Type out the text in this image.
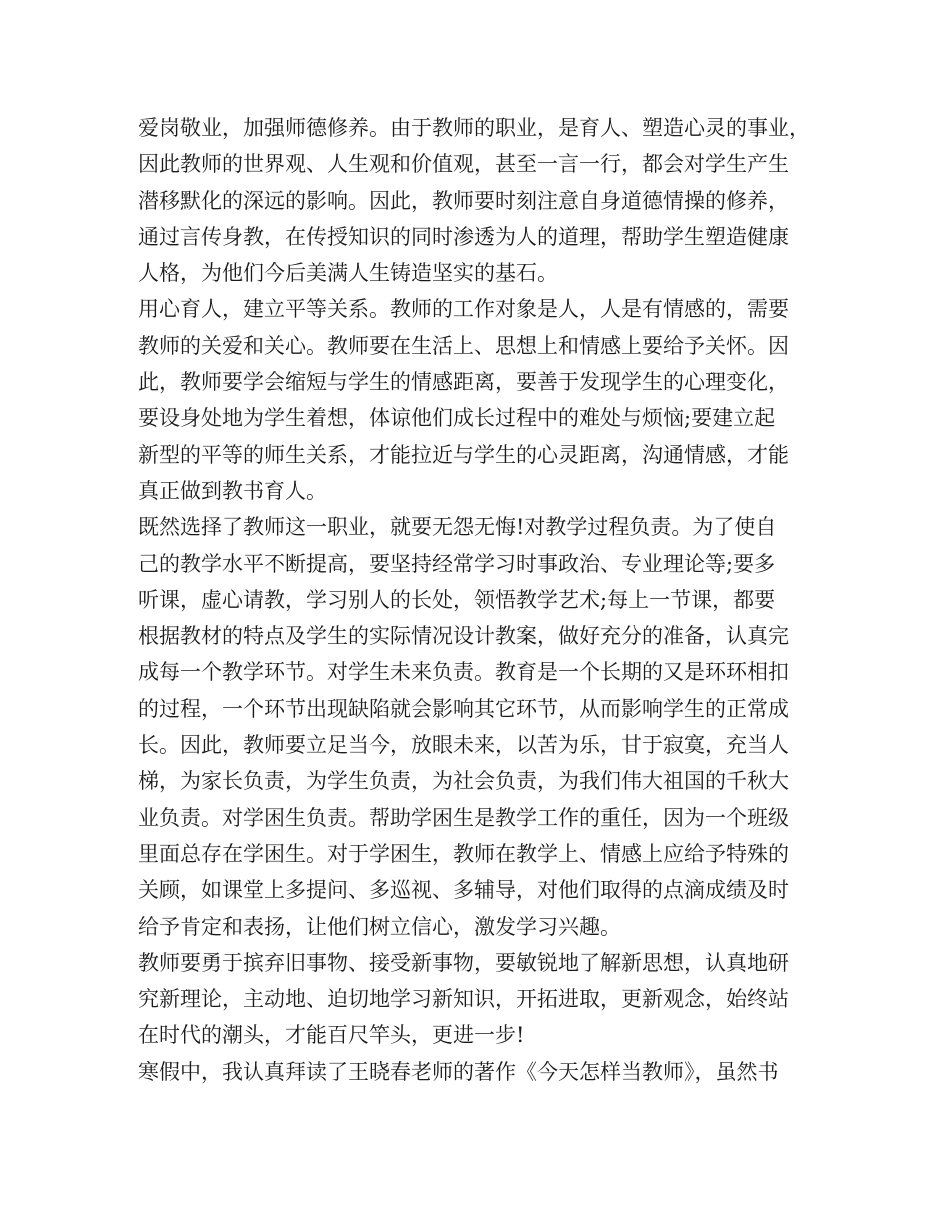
爱岗敬业，加强师德修养。由于教师的职业，是育人、塑造心灵的事业，
因此教师的世界观、人生观和价值观，甚至一言一行，都会对学生产生
潜移默化的深远的影响。因此，教师要时刻注意自身道德情操的修养，
通过言传身教，在传授知识的同时渗透为人的道理，帮助学生塑造健康
人格，为他们今后美满人生铸造坚实的基石。
用心育人，建立平等关系。教师的工作对象是人，人是有情感的，需要
教师的关爱和关心。教师要在生活上、思想上和情感上要给予关怀。因
此，教师要学会缩短与学生的情感距离，要善于发现学生的心理变化，
要设身处地为学生着想，体谅他们成长过程中的难处与烦恼;要建立起
新型的平等的师生关系，才能拉近与学生的心灵距离，沟通情感，才能
真正做到教书育人。
既然选择了教师这一职业，就要无怨无悔!对教学过程负责。为了使自
己的教学水平不断提高，要坚持经常学习时事政治、专业理论等;要多
听课，虚心请教，学习别人的长处，领悟教学艺术;每上一节课，都要
根据教材的特点及学生的实际情况设计教案，做好充分的准备，认真完
成每一个教学环节。对学生未来负责。教育是一个长期的又是环环相扣
的过程，一个环节出现缺陷就会影响其它环节，从而影响学生的正常成
长。因此，教师要立足当今，放眼未来，以苦为乐，甘于寂寞，充当人
梯，为家长负责，为学生负责，为社会负责，为我们伟大祖国的千秋大
业负责。对学困生负责。帮助学困生是教学工作的重任，因为一个班级
里面总存在学困生。对于学困生，教师在教学上、情感上应给予特殊的
关顾，如课堂上多提问、多巡视、多辅导，对他们取得的点滴成绩及时
给予肯定和表扬，让他们树立信心，激发学习兴趣。
教师要勇于摈弃旧事物、接受新事物，要敏锐地了解新思想，认真地研
究新理论，主动地、迫切地学习新知识，开拓进取，更新观念，始终站
在时代的潮头，才能百尺竿头，更进一步!
寒假中，我认真拜读了王晓春老师的著作《今天怎样当教师》，虽然书
